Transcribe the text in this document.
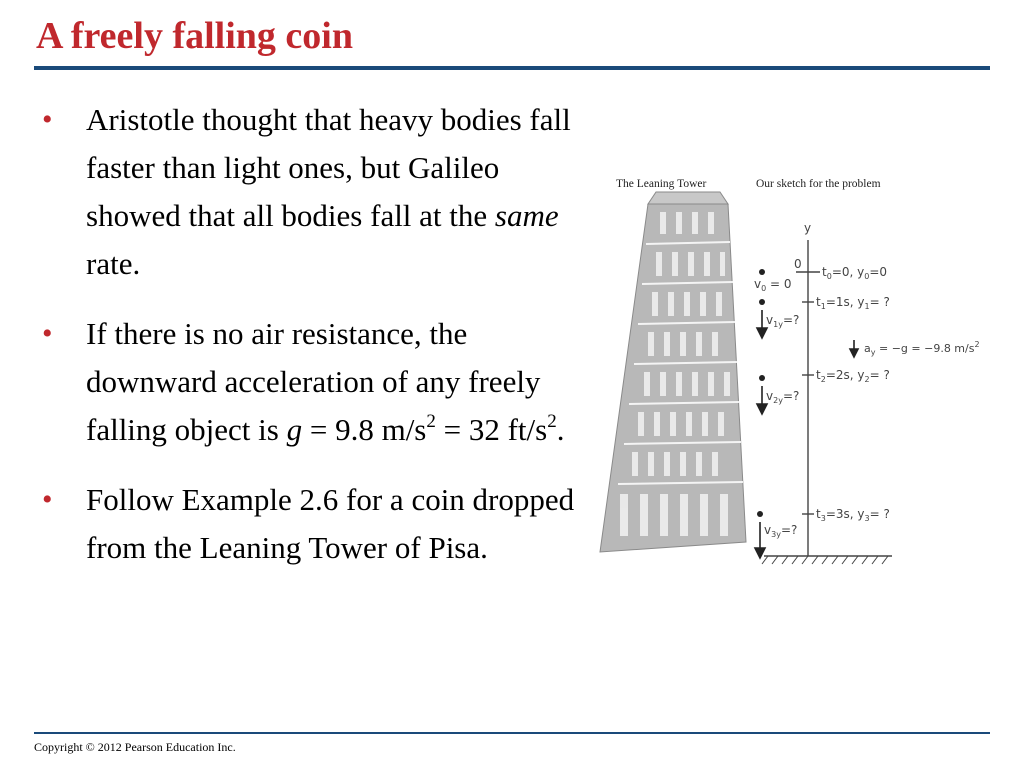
A freely falling coin
• Aristotle thought that heavy bodies fall faster than light ones, but Galileo showed that all bodies fall at the same rate.
• If there is no air resistance, the downward acceleration of any freely falling object is g = 9.8 $m/s^2 = 32$ $ft/s^2$.
• Follow Example 2.6 for a coin dropped from the Leaning Tower of Pisa.
The Leaning Tower	Our sketch for the problem
y
0
$v_0 = 0$
$t_0=0$, $y_0=0$
$t_1=1s$, $y_1=$ ?
$v_{1y}=$?
$a_y = -g = -9.8$ $m/s^2$
$t_2=2s$, $y_2=$ ?
$v_{2y}=$?
$t_3=3s$, $y_3=$ ?
$v_{3y}=$?
Copyright © 2012 Pearson Education Inc.
